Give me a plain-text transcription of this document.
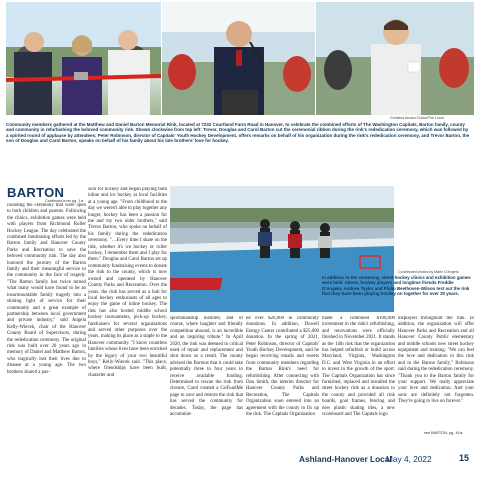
Christina Amano Dolan/The Local
Community members gathered at the Matthew and Daniel Barton Memorial Rink, located at 7232 Courtland Farm Road in Hanover, to celebrate the combined efforts of The Washington Capitals, Barton family, county and community in refurbishing the beloved community rink. Shown clockwise from top left: Trevor, Douglas and Carol Barton cut the ceremonial ribbon during the rink's rededication ceremony, which was followed by a spirited round of applause by attendees; Peter Robinson, director of Capitals' Youth Hockey Development, offers remarks on behalf of his organization during the rink's rededication ceremony, and Trevor Barton, the son of Douglas and Carol Barton, speaks on behalf of his family about his late brothers' love for hockey.
BARTON
Continued from pg. 1 ▸

rounding the ceremony that were open to both children and parents. Following the clinics, exhibition games were held with players from Richmond Roller Hockey League. The day celebrated the combined fundraising efforts led by the Barton family and Hanover County Parks and Recreation to save the beloved community rink. The day also honored the journey of the Barton family and their meaningful service to the community in the face of tragedy. "The Barton family has twice turned what many would have found to be an insurmountable family tragedy into a shining light of service for their community and a great example of partnership between local government and private industry," said Angela Kelly-Wiecek, chair of the Hanover County Board of Supervisors, during the rededication ceremony. The original rink was built over 20 years ago in memory of Daniel and Matthew Barton, who tragically lost their lives due to disease at a young age. The two brothers shared a pas-

sion for hockey and began playing both inline and ice hockey at local facilities at a young age. "From childhood to the day we weren't able to play together any longer, hockey has been a passion for me and my two older brothers," said Trevor Barton, who spoke on behalf of his family during the rededication ceremony. "…Every time I skate on the rink, whether it's ice hockey or roller hockey, I remember them and I play for them." Douglas and Carol Barton set up community fundraising events to donate the rink to the county, which is now owned and operated by Hanover County Parks and Recreation. Over the years, the rink has served as a hub for local hockey enthusiasts of all ages to enjoy the game of inline hockey. The rink has also hosted middle school hockey tournaments, pick-up hockey, fundraisers for several organizations and served other purposes over the years, making its place as a staple to the Hanover community. "I know countless families whose lives have been enriched by the legacy of your two beautiful boys," Kelly-Wiecek said. "This place, where friendships have been built, character and

sportsmanship instilled, and of course, where laughter and friendly competition abound, is an incredible and an inspiring tribute." In April 2020, the rink was deemed in critical need of repair and replacement and shut down as a result. The county advised the Bartons that it could take potentially three to four years to receive available funding. Determined to rescue the rink from closure, Carol created a GoFundMe page to save and restore the rink that has served the community for decades. Today, the page has accumulat-

ed over $20,000 in community donations. In addition, Dowell Energy Center contributed a $25,000 donation. In the spring of 2021, Peter Robinson, director of Capitals' Youth Hockey Development, said he began receiving emails and tweets from community members regarding the Barton Rink's need for refurbishing. After connecting with Dan Smith, the interim director for Hanover County Parks and Recreation, The Capitals Organization soon entered into an agreement with the county to fix up the rink. The Capitals Organization

Contributed photos by Marie D'Angelo
In addition to the ceremony, street hockey clinics and exhibition games were held. Above, hockey players and longtime friends Freddie D'Angelo, Andrew Taylor and Philip Beethoven-Wilson test out the rink that they have been playing hockey on together for over 20 years.

made a combined $100,000 investment in the rink's refurbishing, and renovations were officially finished in November 2021. It stands as the 14th rink that the organization has helped refurbish or build across Maryland, Virginia, Washington D.C. and West Virginia in an effort to invest in the growth of the sport. The Capitals Organization has since furnished, replaced and installed the street hockey rink as a donation to the county and provided all rink boards, goal frames, fencing and new plastic skating tiles, a new scoreboard and The Capitals logo

displayed throughout the rink. In addition, the organization will offer Hanover Parks and Recreation and all Hanover County Public elementary and middle schools new street hockey equipment and training. "We can feel the love and dedication to this rink and to the Barton family," Robinson said during the rededication ceremony. "Thank you to the Barton family for your support. We really appreciate your love and dedication. And your sons are definitely not forgotten. They're going to live on forever."

see BARTON, pg. 16 ▸
Ashland-Hanover Local
May 4, 2022	15
